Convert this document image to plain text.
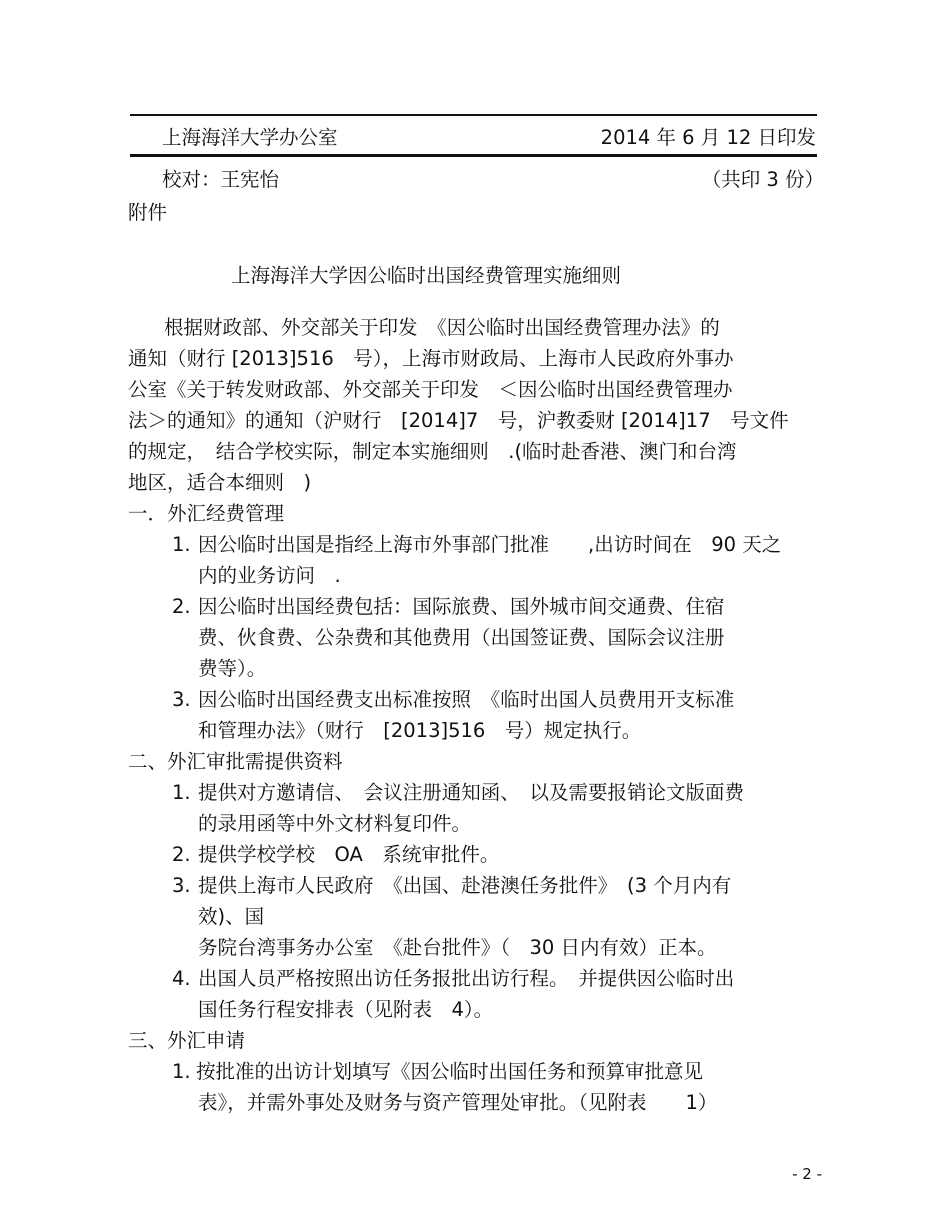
上海海洋大学办公室	2014 年 6 月 12 日印发
校对：王宪怡	（共印 3 份）
附件
上海海洋大学因公临时出国经费管理实施细则
根据财政部、外交部关于印发　《因公临时出国经费管理办法》的
通知（财行 [2013]516　号），上海市财政局、上海市人民政府外事办
公室《关于转发财政部、外交部关于印发　＜因公临时出国经费管理办
法＞的通知》的通知（沪财行　[2014]7　号，沪教委财 [2014]17　号文件
的规定，　结合学校实际，制定本实施细则　.(临时赴香港、澳门和台湾
地区，适合本细则　)
一．外汇经费管理
1. 因公临时出国是指经上海市外事部门批准　　,出访时间在　90 天之
内的业务访问　.
2. 因公临时出国经费包括：国际旅费、国外城市间交通费、住宿
费、伙食费、公杂费和其他费用（出国签证费、国际会议注册
费等）。
3. 因公临时出国经费支出标准按照　《临时出国人员费用开支标准
和管理办法》（财行　[2013]516　号）规定执行。
二、外汇审批需提供资料
1. 提供对方邀请信、　会议注册通知函、　以及需要报销论文版面费
的录用函等中外文材料复印件。
2. 提供学校学校　OA　系统审批件。
3. 提供上海市人民政府　《出国、赴港澳任务批件》　(3 个月内有
效)、国
务院台湾事务办公室　《赴台批件》（　30 日内有效）正本。
4. 出国人员严格按照出访任务报批出访行程。　并提供因公临时出
国任务行程安排表（见附表　4）。
三、外汇申请
1. 按批准的出访计划填写《因公临时出国任务和预算审批意见
表》，并需外事处及财务与资产管理处审批。（见附表　　1）
- 2 -
